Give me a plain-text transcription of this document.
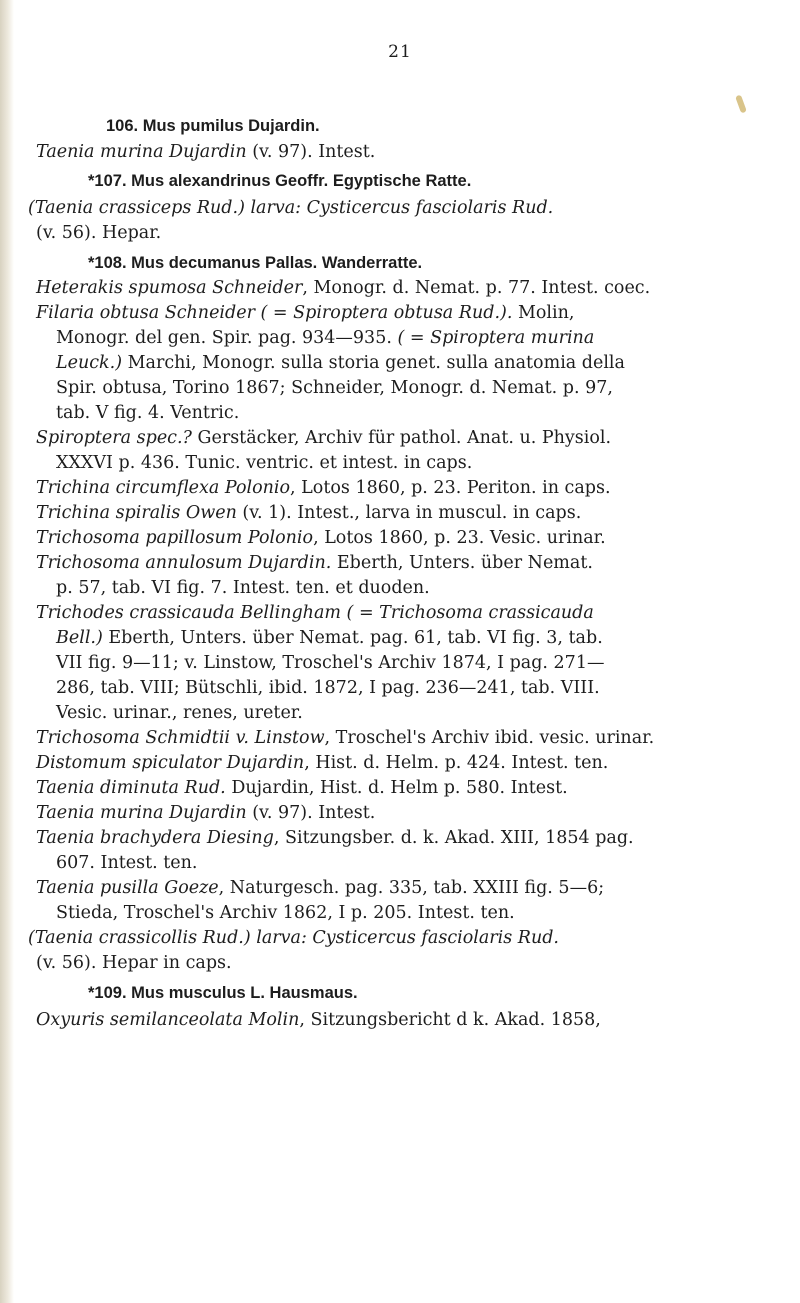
21
106. Mus pumilus Dujardin.
Taenia murina Dujardin (v. 97). Intest.
*107. Mus alexandrinus Geoffr. Egyptische Ratte.
(Taenia crassiceps Rud.) larva: Cysticercus fasciolaris Rud.
(v. 56). Hepar.
*108. Mus decumanus Pallas. Wanderratte.
Heterakis spumosa Schneider, Monogr. d. Nemat. p. 77. Intest. coec.
Filaria obtusa Schneider ( = Spiroptera obtusa Rud.). Molin,
Monogr. del gen. Spir. pag. 934—935. ( = Spiroptera murina
Leuck.) Marchi, Monogr. sulla storia genet. sulla anatomia della
Spir. obtusa, Torino 1867; Schneider, Monogr. d. Nemat. p. 97,
tab. V fig. 4. Ventric.
Spiroptera spec.? Gerstäcker, Archiv für pathol. Anat. u. Physiol.
XXXVI p. 436. Tunic. ventric. et intest. in caps.
Trichina circumflexa Polonio, Lotos 1860, p. 23. Periton. in caps.
Trichina spiralis Owen (v. 1). Intest., larva in muscul. in caps.
Trichosoma papillosum Polonio, Lotos 1860, p. 23. Vesic. urinar.
Trichosoma annulosum Dujardin. Eberth, Unters. über Nemat.
p. 57, tab. VI fig. 7. Intest. ten. et duoden.
Trichodes crassicauda Bellingham ( = Trichosoma crassicauda
Bell.) Eberth, Unters. über Nemat. pag. 61, tab. VI fig. 3, tab.
VII fig. 9—11; v. Linstow, Troschel's Archiv 1874, I pag. 271—
286, tab. VIII; Bütschli, ibid. 1872, I pag. 236—241, tab. VIII.
Vesic. urinar., renes, ureter.
Trichosoma Schmidtii v. Linstow, Troschel's Archiv ibid. vesic. urinar.
Distomum spiculator Dujardin, Hist. d. Helm. p. 424. Intest. ten.
Taenia diminuta Rud. Dujardin, Hist. d. Helm p. 580. Intest.
Taenia murina Dujardin (v. 97). Intest.
Taenia brachydera Diesing, Sitzungsber. d. k. Akad. XIII, 1854 pag.
607. Intest. ten.
Taenia pusilla Goeze, Naturgesch. pag. 335, tab. XXIII fig. 5—6;
Stieda, Troschel's Archiv 1862, I p. 205. Intest. ten.
(Taenia crassicollis Rud.) larva: Cysticercus fasciolaris Rud.
(v. 56). Hepar in caps.
*109. Mus musculus L. Hausmaus.
Oxyuris semilanceolata Molin, Sitzungsbericht d k. Akad. 1858,
